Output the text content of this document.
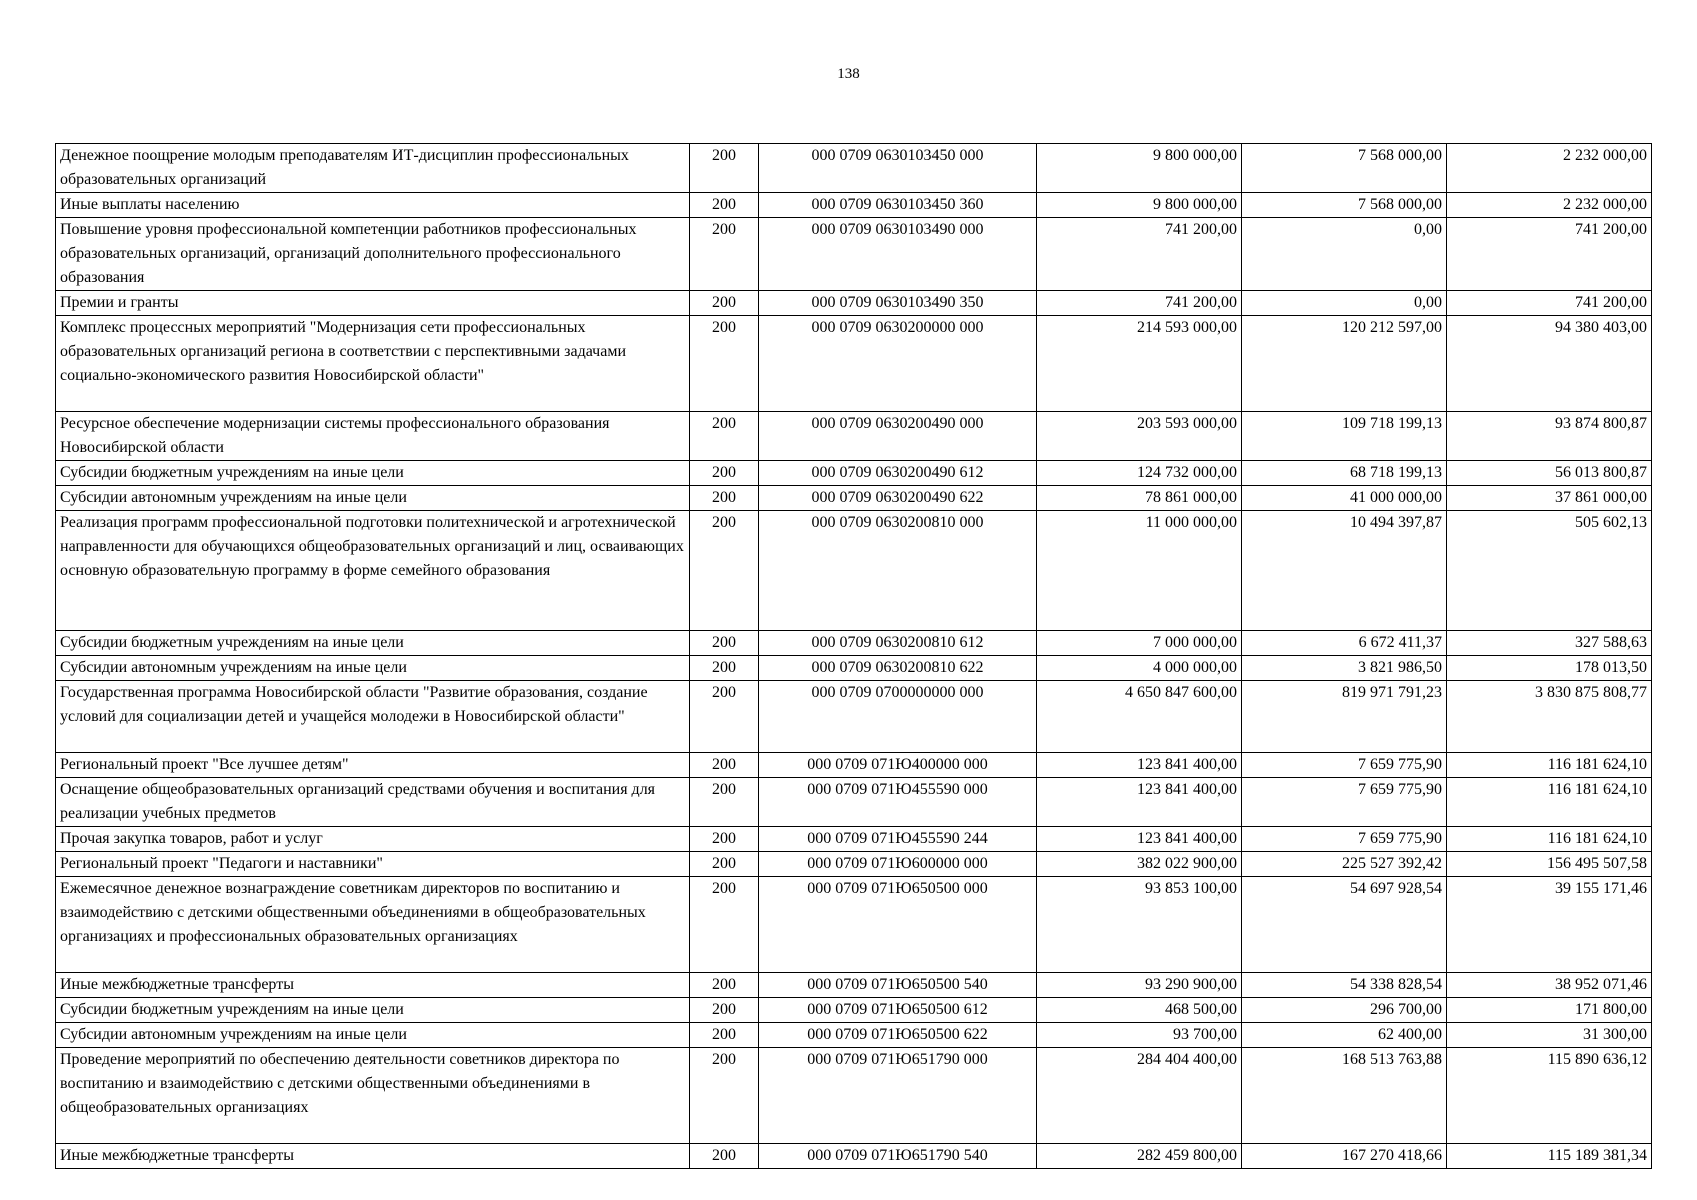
138
Денежное поощрение молодым преподавателям ИТ-дисциплин профессиональных образовательных организаций	200	000 0709 0630103450 000	9 800 000,00	7 568 000,00	2 232 000,00
Иные выплаты населению	200	000 0709 0630103450 360	9 800 000,00	7 568 000,00	2 232 000,00
Повышение уровня профессиональной компетенции работников профессиональных образовательных организаций, организаций дополнительного профессионального образования	200	000 0709 0630103490 000	741 200,00	0,00	741 200,00
Премии и гранты	200	000 0709 0630103490 350	741 200,00	0,00	741 200,00
Комплекс процессных мероприятий "Модернизация сети профессиональных образовательных организаций региона в соответствии с перспективными задачами социально-экономического развития Новосибирской области"	200	000 0709 0630200000 000	214 593 000,00	120 212 597,00	94 380 403,00
Ресурсное обеспечение модернизации системы профессионального образования Новосибирской области	200	000 0709 0630200490 000	203 593 000,00	109 718 199,13	93 874 800,87
Субсидии бюджетным учреждениям на иные цели	200	000 0709 0630200490 612	124 732 000,00	68 718 199,13	56 013 800,87
Субсидии автономным учреждениям на иные цели	200	000 0709 0630200490 622	78 861 000,00	41 000 000,00	37 861 000,00
Реализация программ профессиональной подготовки политехнической и агротехнической направленности для обучающихся общеобразовательных организаций и лиц, осваивающих основную образовательную программу в форме семейного образования	200	000 0709 0630200810 000	11 000 000,00	10 494 397,87	505 602,13
Субсидии бюджетным учреждениям на иные цели	200	000 0709 0630200810 612	7 000 000,00	6 672 411,37	327 588,63
Субсидии автономным учреждениям на иные цели	200	000 0709 0630200810 622	4 000 000,00	3 821 986,50	178 013,50
Государственная программа Новосибирской области "Развитие образования, создание условий для социализации детей и учащейся молодежи в Новосибирской области"	200	000 0709 0700000000 000	4 650 847 600,00	819 971 791,23	3 830 875 808,77
Региональный проект "Все лучшее детям"	200	000 0709 071Ю400000 000	123 841 400,00	7 659 775,90	116 181 624,10
Оснащение общеобразовательных организаций средствами обучения и воспитания для реализации учебных предметов	200	000 0709 071Ю455590 000	123 841 400,00	7 659 775,90	116 181 624,10
Прочая закупка товаров, работ и услуг	200	000 0709 071Ю455590 244	123 841 400,00	7 659 775,90	116 181 624,10
Региональный проект "Педагоги и наставники"	200	000 0709 071Ю600000 000	382 022 900,00	225 527 392,42	156 495 507,58
Ежемесячное денежное вознаграждение советникам директоров по воспитанию и взаимодействию с детскими общественными объединениями в общеобразовательных организациях и профессиональных образовательных организациях	200	000 0709 071Ю650500 000	93 853 100,00	54 697 928,54	39 155 171,46
Иные межбюджетные трансферты	200	000 0709 071Ю650500 540	93 290 900,00	54 338 828,54	38 952 071,46
Субсидии бюджетным учреждениям на иные цели	200	000 0709 071Ю650500 612	468 500,00	296 700,00	171 800,00
Субсидии автономным учреждениям на иные цели	200	000 0709 071Ю650500 622	93 700,00	62 400,00	31 300,00
Проведение мероприятий по обеспечению деятельности советников директора по воспитанию и взаимодействию с детскими общественными объединениями в общеобразовательных организациях	200	000 0709 071Ю651790 000	284 404 400,00	168 513 763,88	115 890 636,12
Иные межбюджетные трансферты	200	000 0709 071Ю651790 540	282 459 800,00	167 270 418,66	115 189 381,34
